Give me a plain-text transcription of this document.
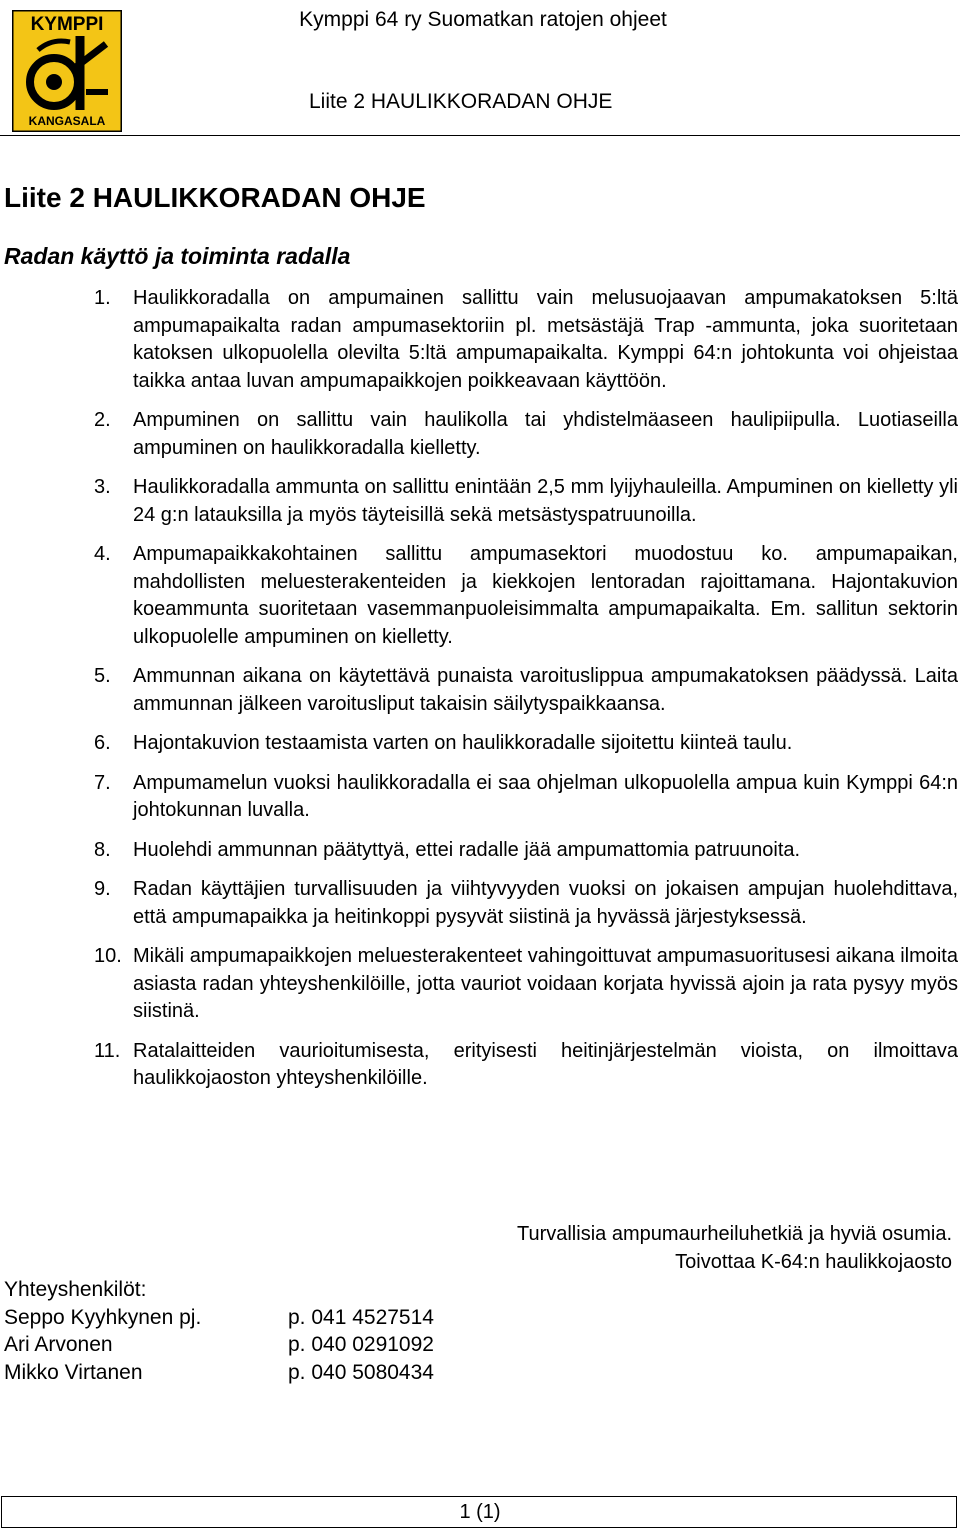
KYMPPI
KANGASALA
Kymppi 64 ry Suomatkan ratojen ohjeet
Liite 2 HAULIKKORADAN OHJE
Liite 2 HAULIKKORADAN OHJE
Radan käyttö ja toiminta radalla
1. Haulikkoradalla on ampumainen sallittu vain melusuojaavan ampumakatoksen 5:ltä ampumapaikalta radan ampumasektoriin pl. metsästäjä Trap -ammunta, joka suoritetaan katoksen ulkopuolella olevilta 5:ltä ampumapaikalta. Kymppi 64:n johtokunta voi ohjeistaa taikka antaa luvan ampumapaikkojen poikkeavaan käyttöön.
2. Ampuminen on sallittu vain haulikolla tai yhdistelmäaseen haulipiipulla. Luotiaseilla ampuminen on haulikkoradalla kielletty.
3. Haulikkoradalla ammunta on sallittu enintään 2,5 mm lyijyhauleilla. Ampuminen on kielletty yli 24 g:n latauksilla ja myös täyteisillä sekä metsästyspatruunoilla.
4. Ampumapaikkakohtainen sallittu ampumasektori muodostuu ko. ampumapaikan, mahdollisten meluesterakenteiden ja kiekkojen lentoradan rajoittamana. Hajontakuvion koeammunta suoritetaan vasemmanpuoleisimmalta ampumapaikalta. Em. sallitun sektorin ulkopuolelle ampuminen on kielletty.
5. Ammunnan aikana on käytettävä punaista varoituslippua ampumakatoksen päädyssä. Laita ammunnan jälkeen varoitusliput takaisin säilytyspaikkaansa.
6. Hajontakuvion testaamista varten on haulikkoradalle sijoitettu kiinteä taulu.
7. Ampumamelun vuoksi haulikkoradalla ei saa ohjelman ulkopuolella ampua kuin Kymppi 64:n johtokunnan luvalla.
8. Huolehdi ammunnan päätyttyä, ettei radalle jää ampumattomia patruunoita.
9. Radan käyttäjien turvallisuuden ja viihtyvyyden vuoksi on jokaisen ampujan huolehdittava, että ampumapaikka ja heitinkoppi pysyvät siistinä ja hyvässä järjestyksessä.
10. Mikäli ampumapaikkojen meluesterakenteet vahingoittuvat ampumasuoritusesi aikana ilmoita asiasta radan yhteyshenkilöille, jotta vauriot voidaan korjata hyvissä ajoin ja rata pysyy myös siistinä.
11. Ratalaitteiden vaurioitumisesta, erityisesti heitinjärjestelmän vioista, on ilmoittava haulikkojaoston yhteyshenkilöille.
Turvallisia ampumaurheiluhetkiä ja hyviä osumia.
Toivottaa K-64:n haulikkojaosto
Yhteyshenkilöt:
Seppo Kyyhkynen pj.	p. 041 4527514
Ari Arvonen	p. 040 0291092
Mikko Virtanen	p. 040 5080434
1 (1)
